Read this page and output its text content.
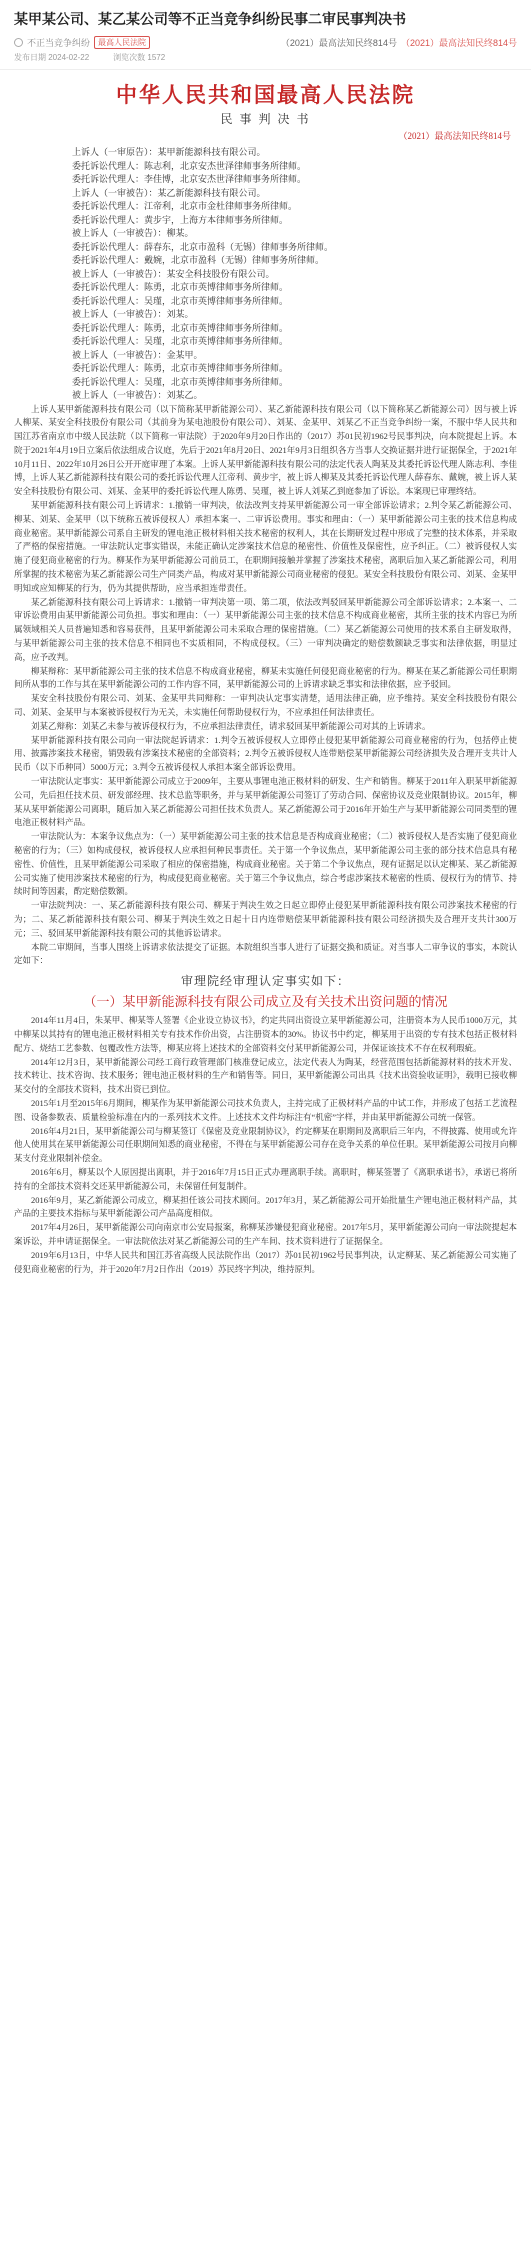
某甲某公司、某乙某公司等不正当竞争纠纷民事二审民事判决书
不正当竞争纠纷	最高人民法院	（2021）最高法知民终814号 （2021）最高法知民终814号
发布日期 2024-02-22	浏览次数 1572
中华人民共和国最高人民法院
民 事 判 决 书
（2021）最高法知民终814号
上诉人（一审原告）：某甲新能源科技有限公司。
委托诉讼代理人：陈志利，北京安杰世泽律师事务所律师。
委托诉讼代理人：李佳博，北京安杰世泽律师事务所律师。
上诉人（一审被告）：某乙新能源科技有限公司。
委托诉讼代理人：江帝利，北京市金杜律师事务所律师。
委托诉讼代理人：黄步宇，上海方本律师事务所律师。
被上诉人（一审被告）：柳某。
委托诉讼代理人：薛春东，北京市盈科（无锡）律师事务所律师。
委托诉讼代理人：戴婉，北京市盈科（无锡）律师事务所律师。
被上诉人（一审被告）：某安全科技股份有限公司。
委托诉讼代理人：陈勇，北京市英博律师事务所律师。
委托诉讼代理人：吴瑾，北京市英博律师事务所律师。
被上诉人（一审被告）：刘某。
委托诉讼代理人：陈勇，北京市英博律师事务所律师。
委托诉讼代理人：吴瑾，北京市英博律师事务所律师。
被上诉人（一审被告）：金某甲。
委托诉讼代理人：陈勇，北京市英博律师事务所律师。
委托诉讼代理人：吴瑾，北京市英博律师事务所律师。
被上诉人（一审被告）：刘某乙。

上诉人某甲新能源科技有限公司（以下简称某甲新能源公司）、某乙新能源科技有限公司（以下简称某乙新能源公司）因与被上诉人柳某、某安全科技股份有限公司（其前身为某电池股份有限公司）、刘某、金某甲、刘某乙不正当竞争纠纷一案，不服中华人民共和国江苏省南京市中级人民法院（以下简称一审法院）于2020年9月20日作出的（2017）苏01民初1962号民事判决，向本院提起上诉。本院于2021年4月19日立案后依法组成合议庭，先后于2021年8月20日、2021年9月3日组织各方当事人交换证据并进行证据保全，于2021年10月11日、2022年10月26日公开开庭审理了本案。上诉人某甲新能源科技有限公司的法定代表人陶某及其委托诉讼代理人陈志利、李佳博，上诉人某乙新能源科技有限公司的委托诉讼代理人江帝利、黄步宇，被上诉人柳某及其委托诉讼代理人薛春东、戴婉，被上诉人某安全科技股份有限公司、刘某、金某甲的委托诉讼代理人陈勇、吴瑾，被上诉人刘某乙到庭参加了诉讼。本案现已审理终结。

某甲新能源科技有限公司上诉请求：1.撤销一审判决，依法改判支持某甲新能源公司一审全部诉讼请求；2.判令某乙新能源公司、柳某、刘某、金某甲（以下统称五被诉侵权人）承担本案一、二审诉讼费用。事实和理由：（一）某甲新能源公司主张的技术信息构成商业秘密。某甲新能源公司系自主研发的锂电池正极材料相关技术秘密的权利人，其在长期研发过程中形成了完整的技术体系，并采取了严格的保密措施。一审法院认定事实错误，未能正确认定涉案技术信息的秘密性、价值性及保密性，应予纠正。（二）被诉侵权人实施了侵犯商业秘密的行为。柳某作为某甲新能源公司前员工，在职期间接触并掌握了涉案技术秘密，离职后加入某乙新能源公司，利用所掌握的技术秘密为某乙新能源公司生产同类产品，构成对某甲新能源公司商业秘密的侵犯。某安全科技股份有限公司、刘某、金某甲明知或应知柳某的行为，仍为其提供帮助，应当承担连带责任。

某乙新能源科技有限公司上诉请求：1.撤销一审判决第一项、第二项，依法改判驳回某甲新能源公司全部诉讼请求；2.本案一、二审诉讼费用由某甲新能源公司负担。事实和理由：（一）某甲新能源公司主张的技术信息不构成商业秘密，其所主张的技术内容已为所属领域相关人员普遍知悉和容易获得，且某甲新能源公司未采取合理的保密措施。（二）某乙新能源公司使用的技术系自主研发取得，与某甲新能源公司主张的技术信息不相同也不实质相同，不构成侵权。（三）一审判决确定的赔偿数额缺乏事实和法律依据，明显过高，应予改判。

柳某辩称：某甲新能源公司主张的技术信息不构成商业秘密，柳某未实施任何侵犯商业秘密的行为。柳某在某乙新能源公司任职期间所从事的工作与其在某甲新能源公司的工作内容不同，某甲新能源公司的上诉请求缺乏事实和法律依据，应予驳回。

某安全科技股份有限公司、刘某、金某甲共同辩称：一审判决认定事实清楚，适用法律正确，应予维持。某安全科技股份有限公司、刘某、金某甲与本案被诉侵权行为无关，未实施任何帮助侵权行为，不应承担任何法律责任。

刘某乙辩称：刘某乙未参与被诉侵权行为，不应承担法律责任，请求驳回某甲新能源公司对其的上诉请求。

某甲新能源科技有限公司向一审法院起诉请求：1.判令五被诉侵权人立即停止侵犯某甲新能源公司商业秘密的行为，包括停止使用、披露涉案技术秘密，销毁载有涉案技术秘密的全部资料；2.判令五被诉侵权人连带赔偿某甲新能源公司经济损失及合理开支共计人民币（以下币种同）5000万元；3.判令五被诉侵权人承担本案全部诉讼费用。

一审法院认定事实：某甲新能源公司成立于2009年，主要从事锂电池正极材料的研发、生产和销售。柳某于2011年入职某甲新能源公司，先后担任技术员、研发部经理、技术总监等职务，并与某甲新能源公司签订了劳动合同、保密协议及竞业限制协议。2015年，柳某从某甲新能源公司离职，随后加入某乙新能源公司担任技术负责人。某乙新能源公司于2016年开始生产与某甲新能源公司同类型的锂电池正极材料产品。

一审法院认为：本案争议焦点为：（一）某甲新能源公司主张的技术信息是否构成商业秘密；（二）被诉侵权人是否实施了侵犯商业秘密的行为；（三）如构成侵权，被诉侵权人应承担何种民事责任。关于第一个争议焦点，某甲新能源公司主张的部分技术信息具有秘密性、价值性，且某甲新能源公司采取了相应的保密措施，构成商业秘密。关于第二个争议焦点，现有证据足以认定柳某、某乙新能源公司实施了使用涉案技术秘密的行为，构成侵犯商业秘密。关于第三个争议焦点，综合考虑涉案技术秘密的性质、侵权行为的情节、持续时间等因素，酌定赔偿数额。

一审法院判决：一、某乙新能源科技有限公司、柳某于判决生效之日起立即停止侵犯某甲新能源科技有限公司涉案技术秘密的行为；二、某乙新能源科技有限公司、柳某于判决生效之日起十日内连带赔偿某甲新能源科技有限公司经济损失及合理开支共计300万元；三、驳回某甲新能源科技有限公司的其他诉讼请求。

本院二审期间，当事人围绕上诉请求依法提交了证据。本院组织当事人进行了证据交换和质证。对当事人二审争议的事实，本院认定如下：

审理院经审理认定事实如下：
（一）某甲新能源科技有限公司成立及有关技术出资问题的情况

2014年11月4日，朱某甲、柳某等人签署《企业设立协议书》，约定共同出资设立某甲新能源公司，注册资本为人民币1000万元，其中柳某以其持有的锂电池正极材料相关专有技术作价出资，占注册资本的30%。协议书中约定，柳某用于出资的专有技术包括正极材料配方、烧结工艺参数、包覆改性方法等，柳某应将上述技术的全部资料交付某甲新能源公司，并保证该技术不存在权利瑕疵。

2014年12月3日，某甲新能源公司经工商行政管理部门核准登记成立，法定代表人为陶某，经营范围包括新能源材料的技术开发、技术转让、技术咨询、技术服务；锂电池正极材料的生产和销售等。同日，某甲新能源公司出具《技术出资验收证明》，载明已接收柳某交付的全部技术资料，技术出资已到位。

2015年1月至2015年6月期间，柳某作为某甲新能源公司技术负责人，主持完成了正极材料产品的中试工作，并形成了包括工艺流程图、设备参数表、质量检验标准在内的一系列技术文件。上述技术文件均标注有“机密”字样，并由某甲新能源公司统一保管。

2016年4月21日，某甲新能源公司与柳某签订《保密及竞业限制协议》，约定柳某在职期间及离职后三年内，不得披露、使用或允许他人使用其在某甲新能源公司任职期间知悉的商业秘密，不得在与某甲新能源公司存在竞争关系的单位任职。某甲新能源公司按月向柳某支付竞业限制补偿金。

2016年6月，柳某以个人原因提出离职，并于2016年7月15日正式办理离职手续。离职时，柳某签署了《离职承诺书》，承诺已将所持有的全部技术资料交还某甲新能源公司，未保留任何复制件。

2016年9月，某乙新能源公司成立，柳某担任该公司技术顾问。2017年3月，某乙新能源公司开始批量生产锂电池正极材料产品，其产品的主要技术指标与某甲新能源公司产品高度相似。

2017年4月26日，某甲新能源公司向南京市公安局报案，称柳某涉嫌侵犯商业秘密。2017年5月，某甲新能源公司向一审法院提起本案诉讼，并申请证据保全。一审法院依法对某乙新能源公司的生产车间、技术资料进行了证据保全。

2019年6月13日，中华人民共和国江苏省高级人民法院作出（2017）苏01民初1962号民事判决，认定柳某、某乙新能源公司实施了侵犯商业秘密的行为，并于2020年7月2日作出（2019）苏民终字判决，维持原判。
